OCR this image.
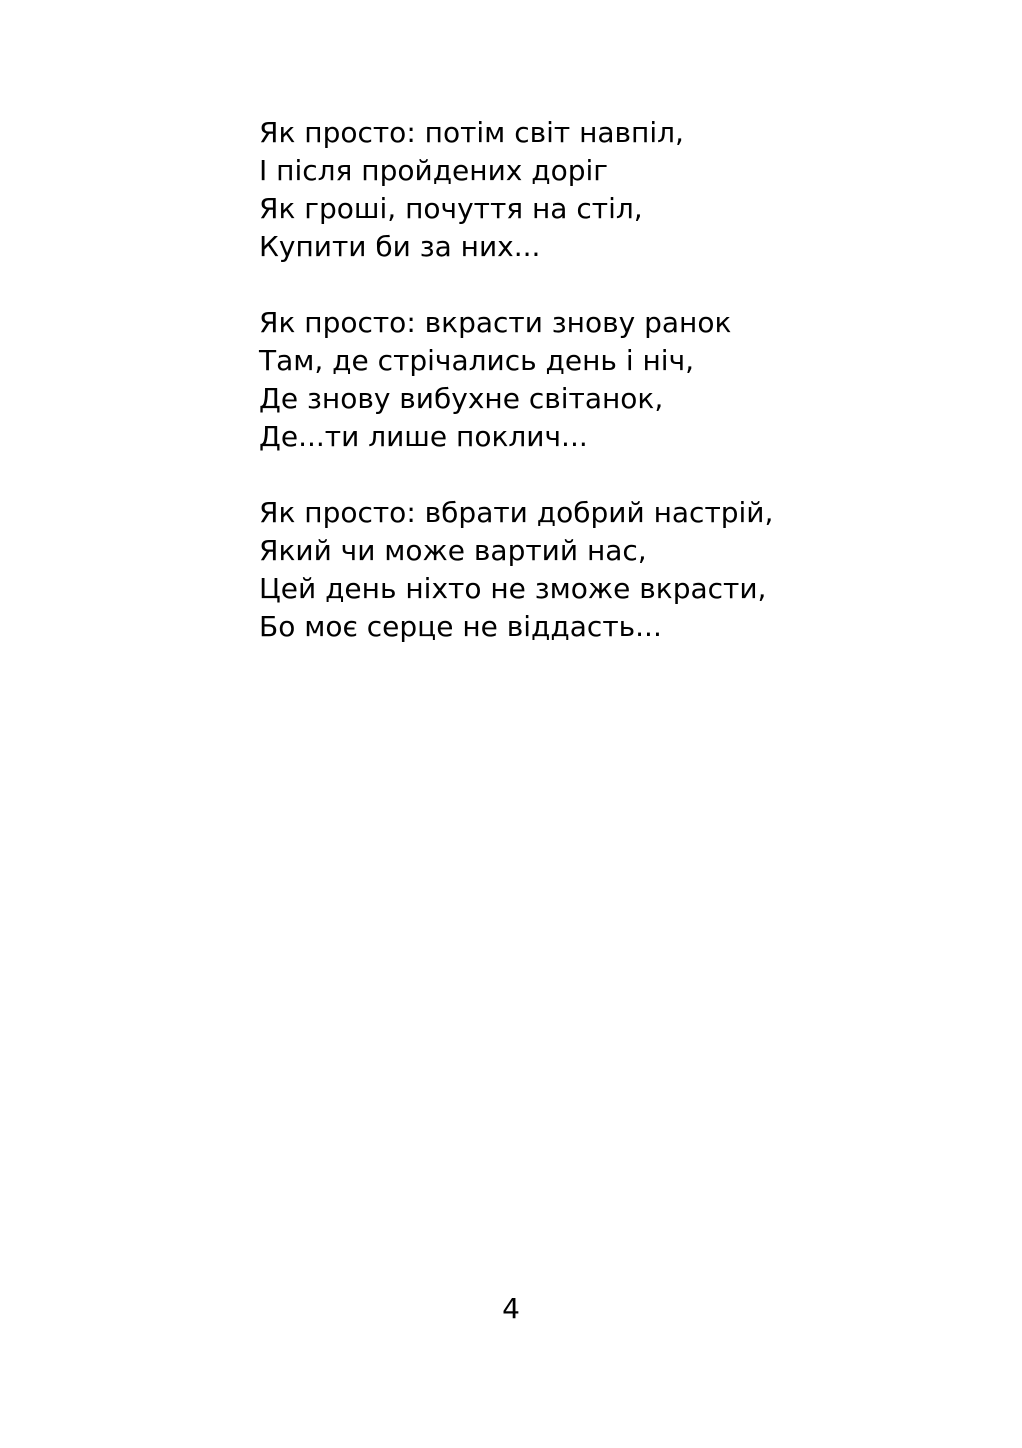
Як просто: потім світ навпіл,
І після пройдених доріг
Як гроші, почуття на стіл,
Купити би за них...
Як просто: вкрасти знову ранок
Там, де стрічались день і ніч,
Де знову вибухне світанок,
Де...ти лише поклич...
Як просто: вбрати добрий настрій,
Який чи може вартий нас,
Цей день ніхто не зможе вкрасти,
Бо моє серце не віддасть...
4
